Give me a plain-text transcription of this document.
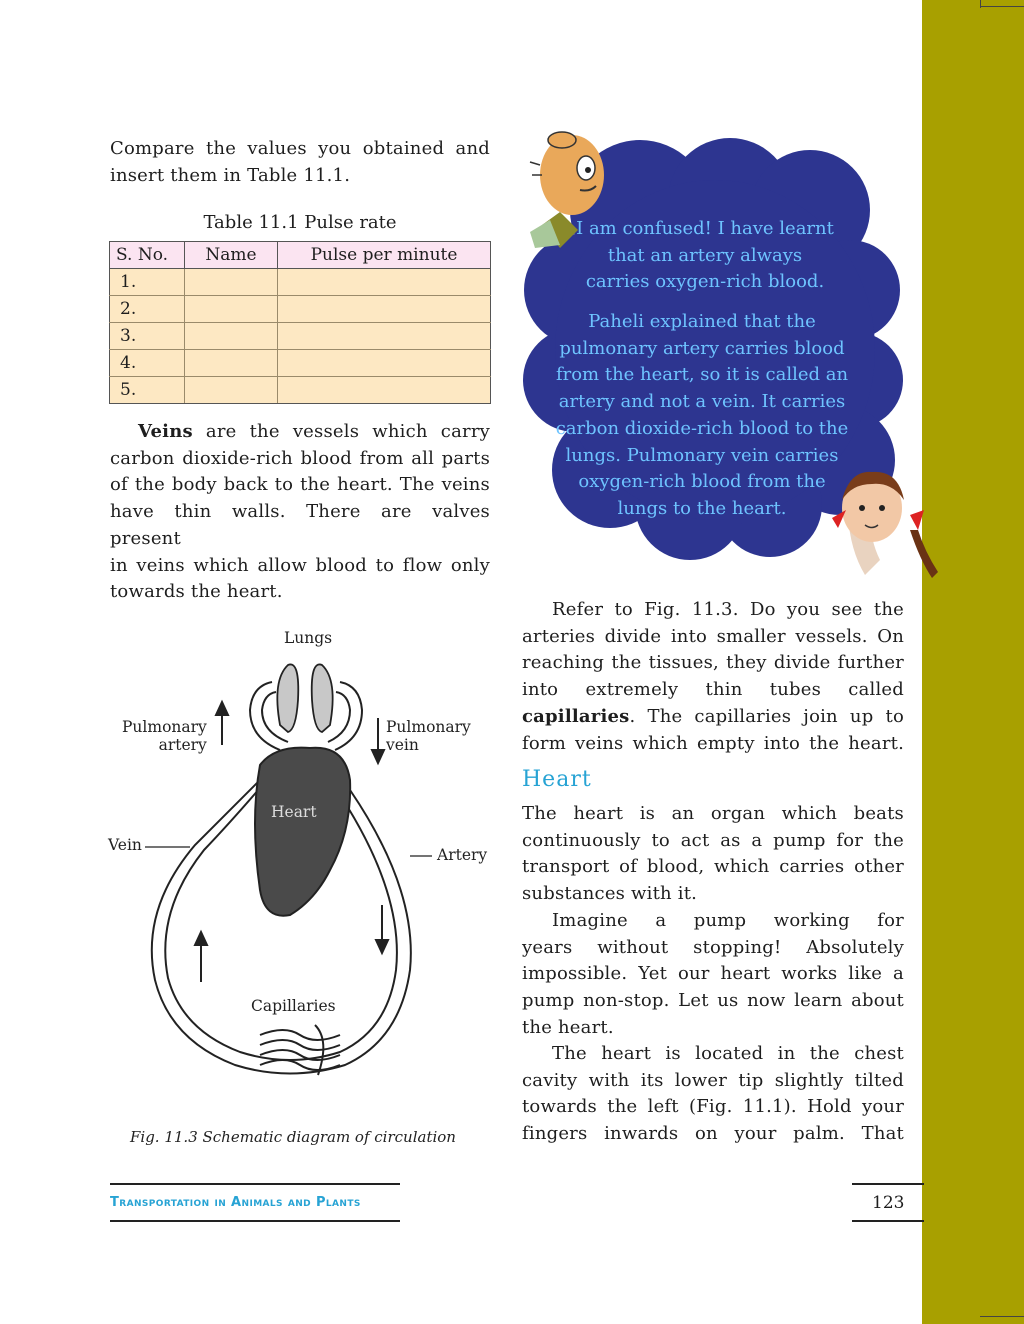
Compare the values you obtained and
insert them in Table 11.1.

Table 11.1 Pulse rate
S. No.	Name	Pulse per minute
1.		
2.		
3.		
4.		
5.		

Veins are the vessels which carry
carbon dioxide-rich blood from all parts
of the body back to the heart. The veins
have thin walls. There are valves present
in veins which allow blood to flow only
towards the heart.

I am confused! I have learnt
that an artery always
carries oxygen-rich blood.
Paheli explained that the
pulmonary artery carries blood
from the heart, so it is called an
artery and not a vein. It carries
carbon dioxide-rich blood to the
lungs. Pulmonary vein carries
oxygen-rich blood from the
lungs to the heart.

Refer to Fig. 11.3. Do you see the
arteries divide into smaller vessels. On
reaching the tissues, they divide further
into extremely thin tubes called
capillaries. The capillaries join up to
form veins which empty into the heart.

Heart

The heart is an organ which beats
continuously to act as a pump for the
transport of blood, which carries other
substances with it.

Imagine a pump working for
years without stopping! Absolutely
impossible. Yet our heart works like a
pump non-stop. Let us now learn about
the heart.

The heart is located in the chest
cavity with its lower tip slightly tilted
towards the left (Fig. 11.1). Hold your
fingers inwards on your palm. That

Lungs
Pulmonary
artery
Pulmonary
vein
Heart
Vein
Artery
Capillaries
Fig. 11.3 Schematic diagram of circulation
Transportation in Animals and Plants	123
